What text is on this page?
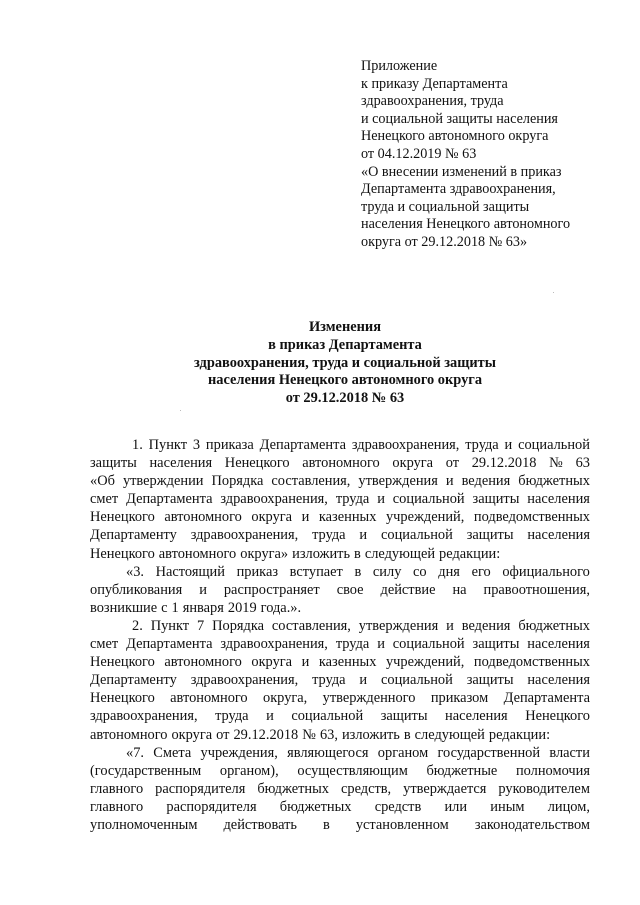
Приложение
к приказу Департамента
здравоохранения, труда
и социальной защиты населения
Ненецкого автономного округа
от 04.12.2019 № 63
«О внесении изменений в приказ
Департамента здравоохранения,
труда и социальной защиты
населения Ненецкого автономного
округа от 29.12.2018 № 63»
Изменения
в приказ Департамента
здравоохранения, труда и социальной защиты
населения Ненецкого автономного округа
от 29.12.2018 № 63
1. Пункт 3 приказа Департамента здравоохранения, труда и социальной
защиты населения Ненецкого автономного округа от 29.12.2018 № 63
«Об утверждении Порядка составления, утверждения и ведения бюджетных
смет Департамента здравоохранения, труда и социальной защиты населения
Ненецкого автономного округа и казенных учреждений, подведомственных
Департаменту здравоохранения, труда и социальной защиты населения
Ненецкого автономного округа» изложить в следующей редакции:
«3. Настоящий приказ вступает в силу со дня его официального
опубликования и распространяет свое действие на правоотношения,
возникшие с 1 января 2019 года.».
2. Пункт 7 Порядка составления, утверждения и ведения бюджетных
смет Департамента здравоохранения, труда и социальной защиты населения
Ненецкого автономного округа и казенных учреждений, подведомственных
Департаменту здравоохранения, труда и социальной защиты населения
Ненецкого автономного округа, утвержденного приказом Департамента
здравоохранения, труда и социальной защиты населения Ненецкого
автономного округа от 29.12.2018 № 63, изложить в следующей редакции:
«7. Смета учреждения, являющегося органом государственной власти
(государственным органом), осуществляющим бюджетные полномочия
главного распорядителя бюджетных средств, утверждается руководителем
главного распорядителя бюджетных средств или иным лицом,
уполномоченным действовать в установленном законодательством
